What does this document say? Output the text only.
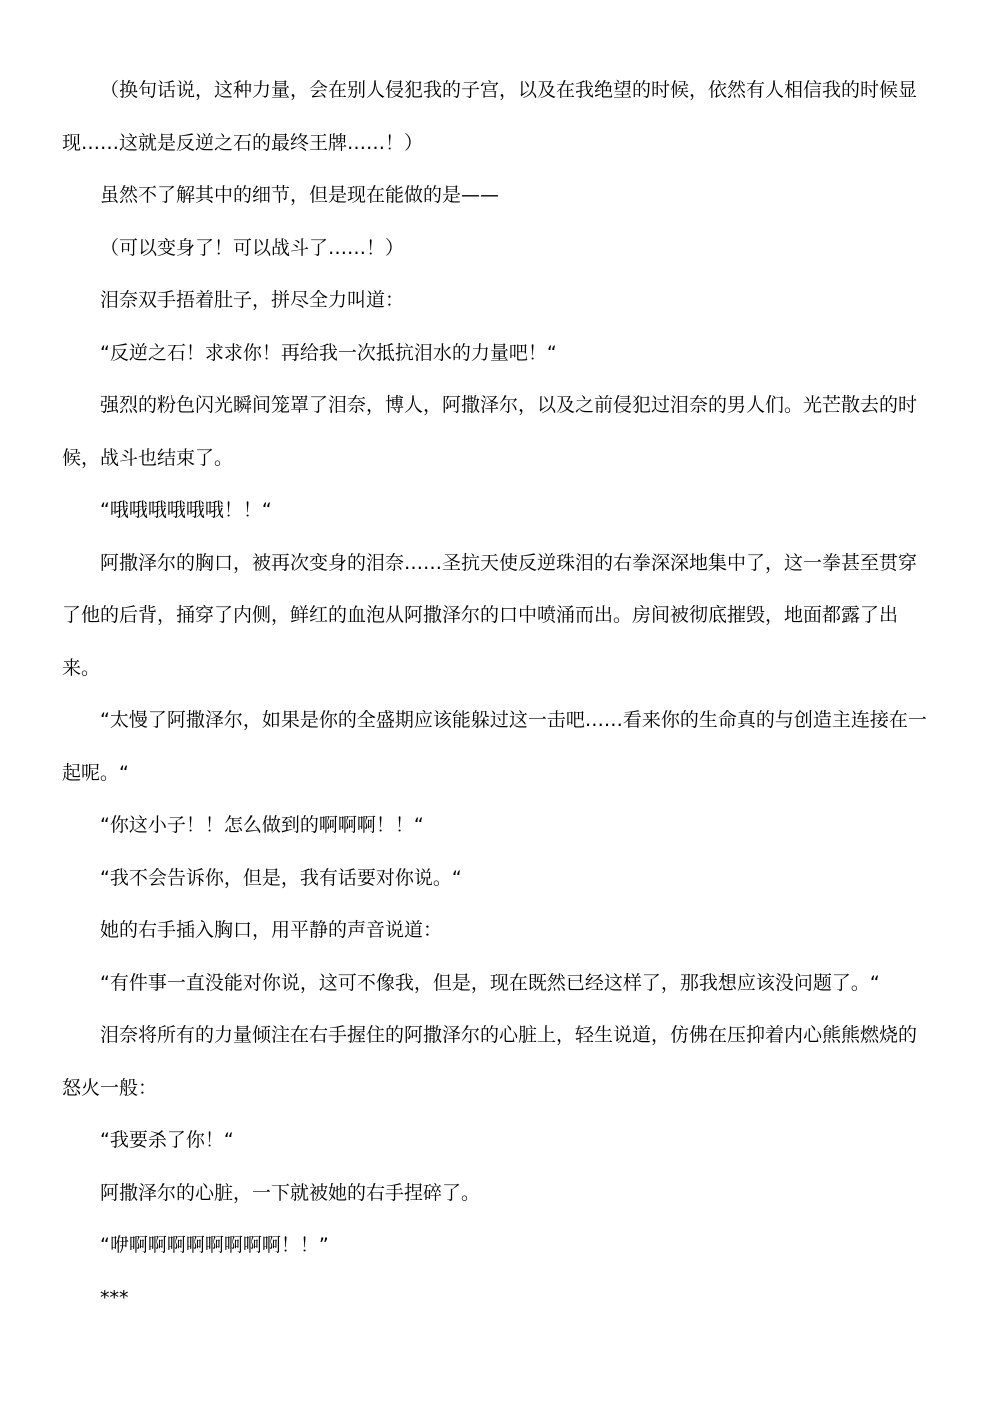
（换句话说，这种力量，会在别人侵犯我的子宫，以及在我绝望的时候，依然有人相信我的时候显现……这就是反逆之石的最终王牌……！）

虽然不了解其中的细节，但是现在能做的是——

（可以变身了！可以战斗了……！）

泪奈双手捂着肚子，拼尽全力叫道：

“反逆之石！求求你！再给我一次抵抗泪水的力量吧！“

强烈的粉色闪光瞬间笼罩了泪奈，博人，阿撒泽尔，以及之前侵犯过泪奈的男人们。光芒散去的时候，战斗也结束了。

“哦哦哦哦哦哦！！“

阿撒泽尔的胸口，被再次变身的泪奈……圣抗天使反逆珠泪的右拳深深地集中了，这一拳甚至贯穿了他的后背，捅穿了内侧，鲜红的血泡从阿撒泽尔的口中喷涌而出。房间被彻底摧毁，地面都露了出来。

“太慢了阿撒泽尔，如果是你的全盛期应该能躲过这一击吧……看来你的生命真的与创造主连接在一起呢。“

“你这小子！！怎么做到的啊啊啊！！“

“我不会告诉你，但是，我有话要对你说。“

她的右手插入胸口，用平静的声音说道：

“有件事一直没能对你说，这可不像我，但是，现在既然已经这样了，那我想应该没问题了。“

泪奈将所有的力量倾注在右手握住的阿撒泽尔的心脏上，轻生说道，仿佛在压抑着内心熊熊燃烧的怒火一般：

“我要杀了你！“

阿撒泽尔的心脏，一下就被她的右手捏碎了。

“咿啊啊啊啊啊啊啊啊！！”

***
